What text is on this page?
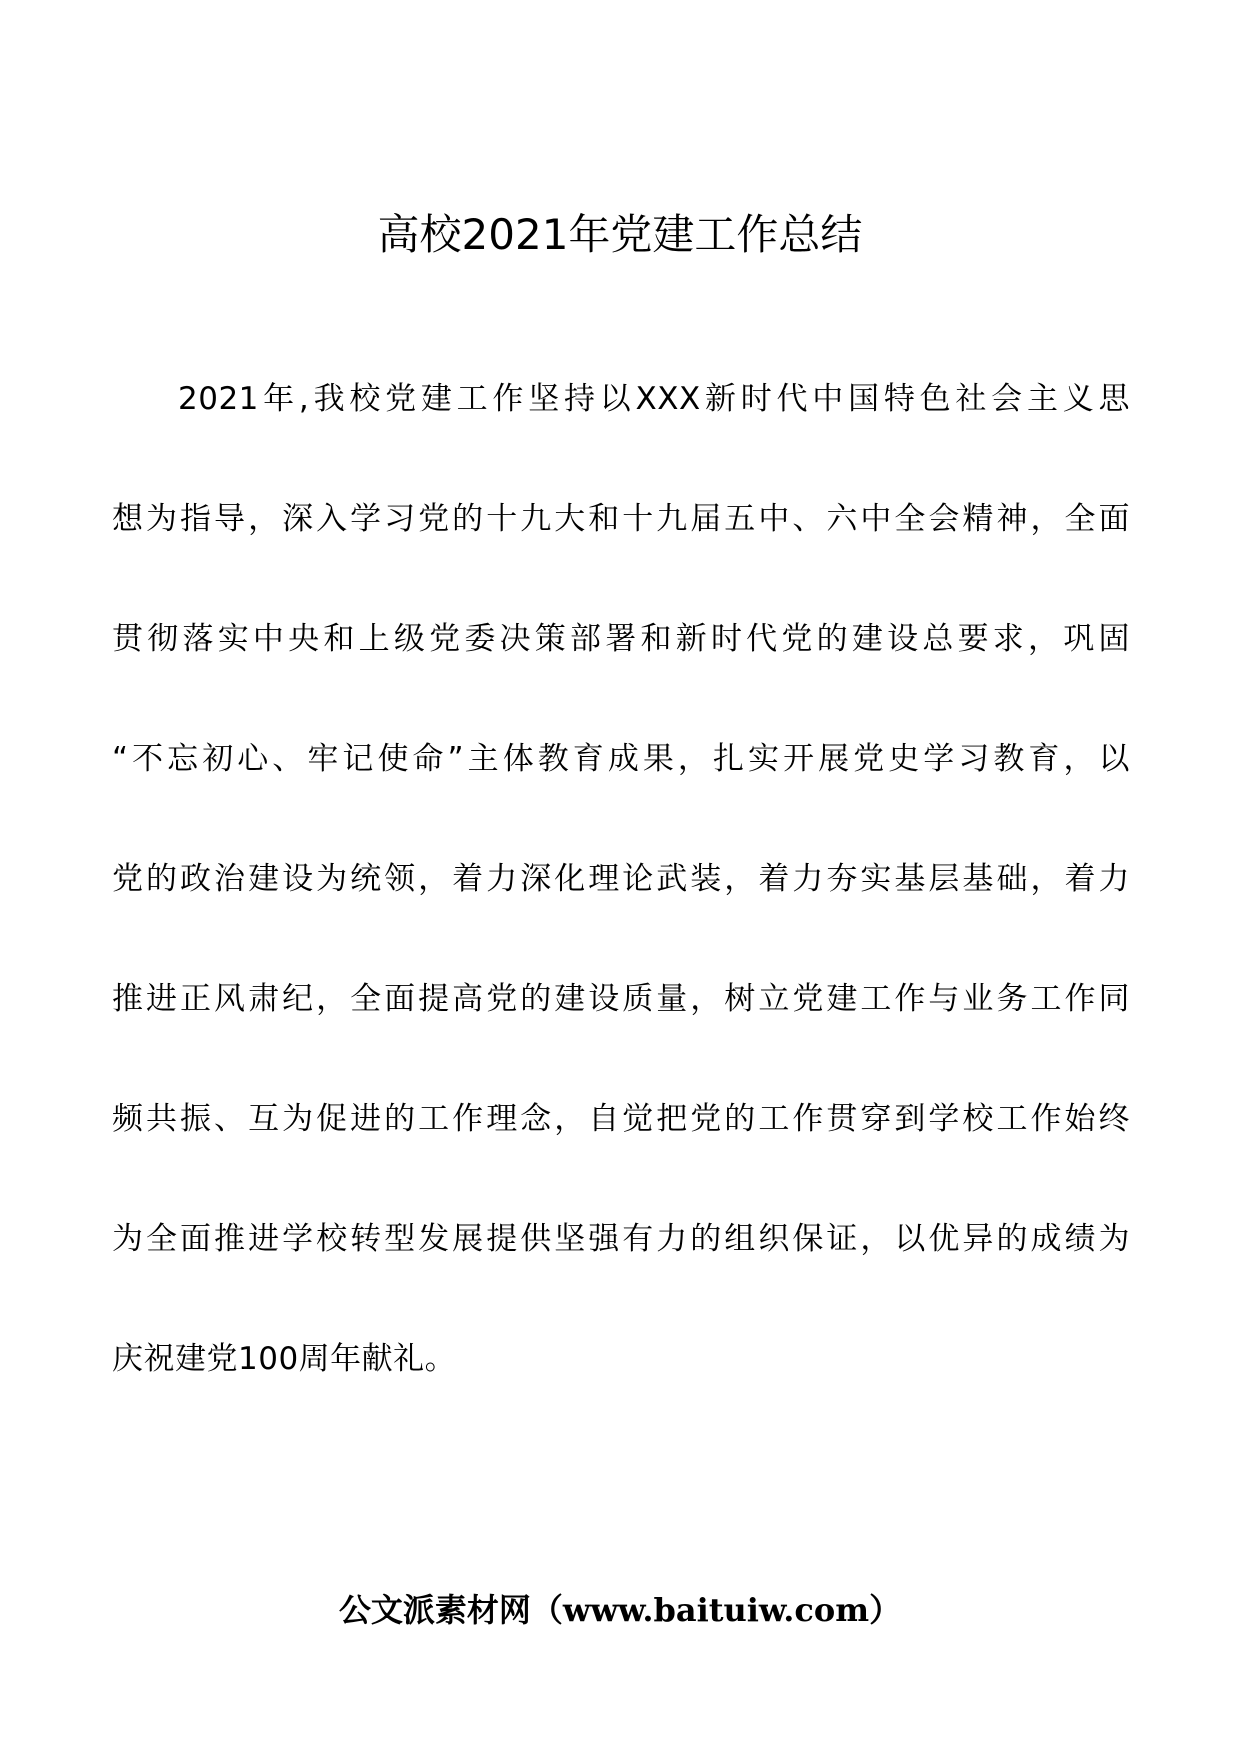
高校2021年党建工作总结
2021年,我校党建工作坚持以XXX新时代中国特色社会主义思
想为指导，深入学习党的十九大和十九届五中、六中全会精神，全面
贯彻落实中央和上级党委决策部署和新时代党的建设总要求，巩固
“不忘初心、牢记使命”主体教育成果，扎实开展党史学习教育，以
党的政治建设为统领，着力深化理论武装，着力夯实基层基础，着力
推进正风肃纪，全面提高党的建设质量，树立党建工作与业务工作同
频共振、互为促进的工作理念，自觉把党的工作贯穿到学校工作始终
为全面推进学校转型发展提供坚强有力的组织保证，以优异的成绩为
庆祝建党100周年献礼。
公文派素材网（www.baituiw.com）
